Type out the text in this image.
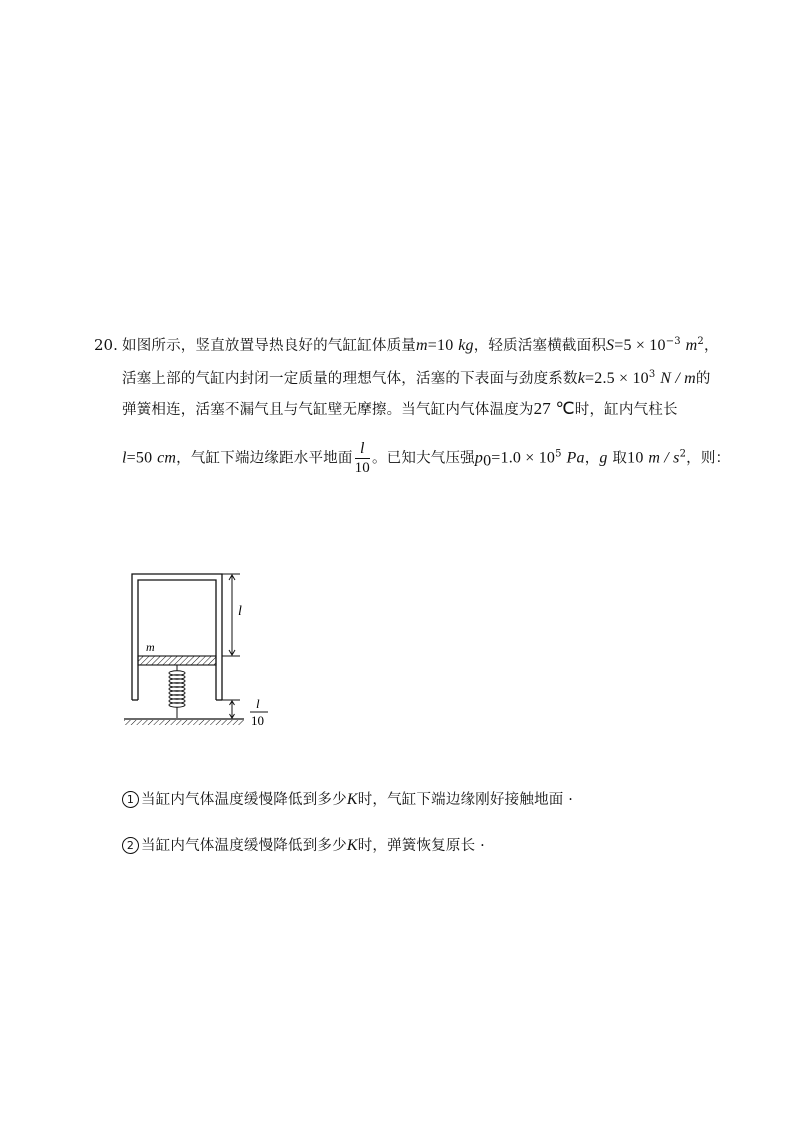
20. 如图所示，竖直放置导热良好的气缸缸体质量m=10 kg，轻质活塞横截面积$S=5 \times 10^{-3}$ $m^2$，
活塞上部的气缸内封闭一定质量的理想气体，活塞的下表面与劲度系数$k=2.5 \times 10^3$ N / m的
弹簧相连，活塞不漏气且与气缸壁无摩擦。当气缸内气体温度为27 ℃时，缸内气柱长
l=50 cm，气缸下端边缘距水平地面 $\frac{l}{10}$ 。已知大气压强$p_0=1.0 \times 10^5$ Pa，g 取10 m / $s^2$，则：
m
l
l
10
1 当缸内气体温度缓慢降低到多少K时，气缸下端边缘刚好接触地面 ·
2 当缸内气体温度缓慢降低到多少K时，弹簧恢复原长 ·
